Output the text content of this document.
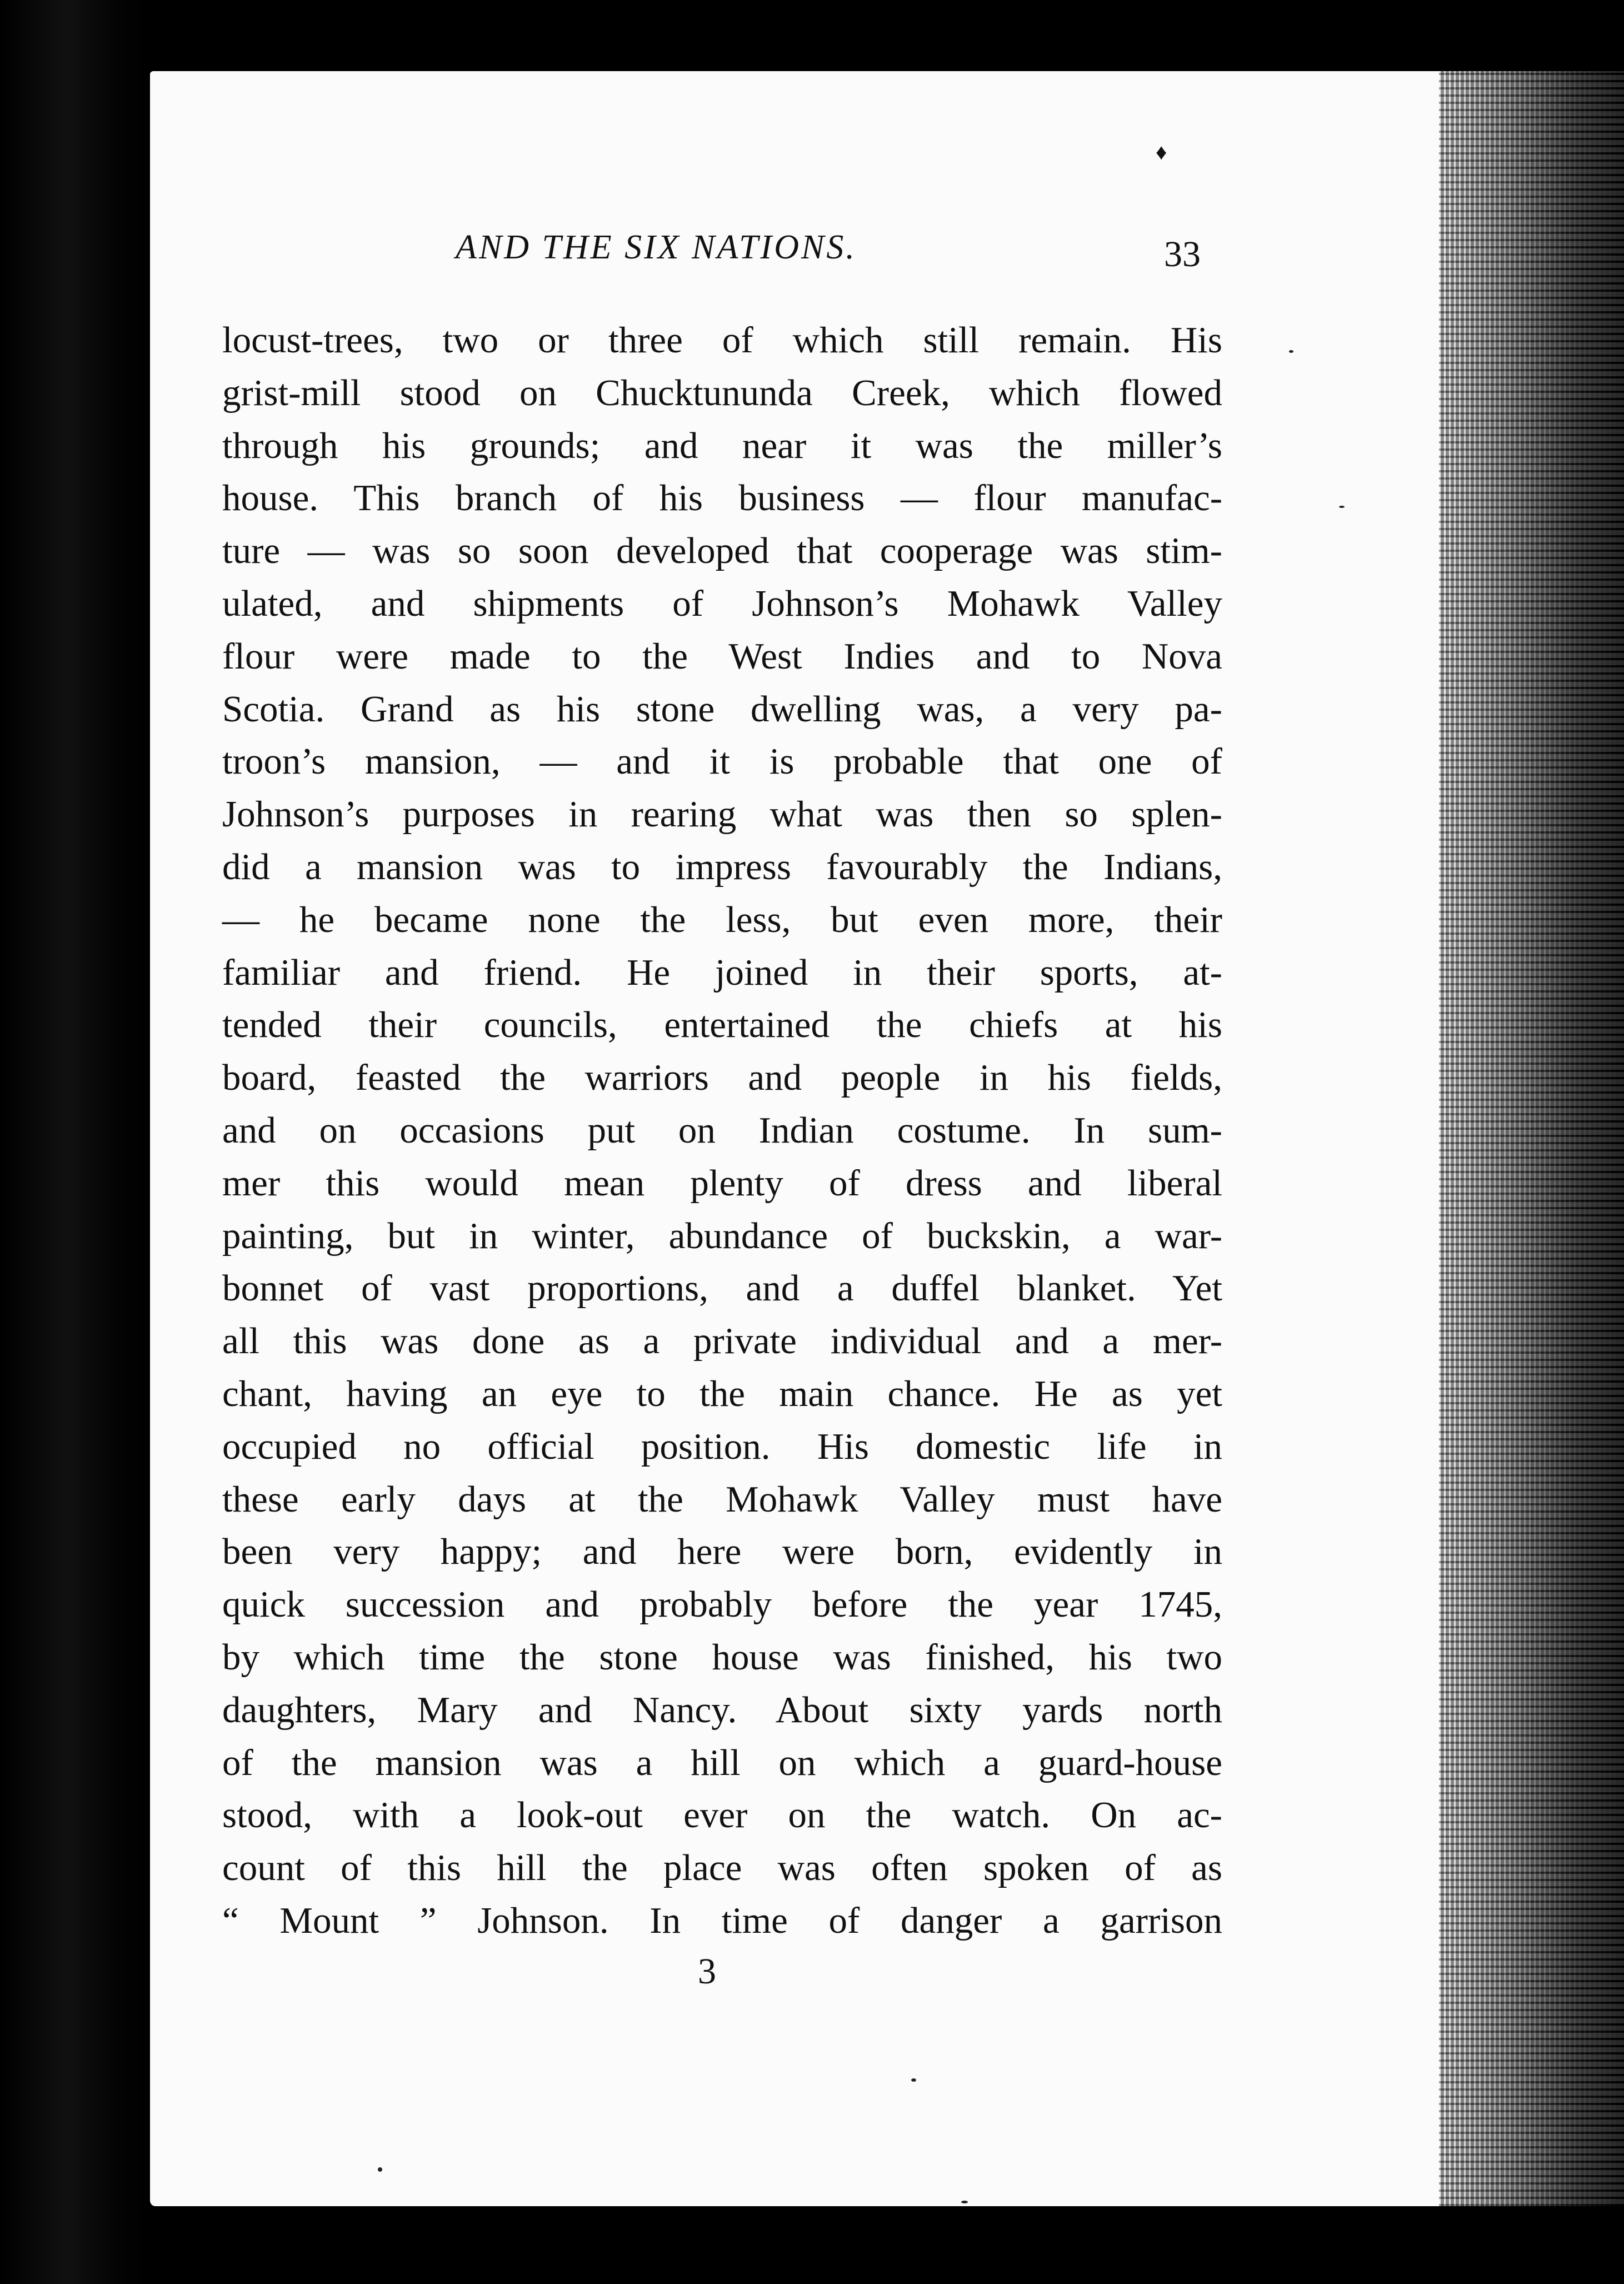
♦
AND THE SIX NATIONS.	33
locust-trees, two or three of which still remain. His
grist-mill stood on Chucktununda Creek, which flowed
through his grounds; and near it was the miller’s
house. This branch of his business — flour manufac-
ture — was so soon developed that cooperage was stim-
ulated, and shipments of Johnson’s Mohawk Valley
flour were made to the West Indies and to Nova
Scotia. Grand as his stone dwelling was, a very pa-
troon’s mansion, — and it is probable that one of
Johnson’s purposes in rearing what was then so splen-
did a mansion was to impress favourably the Indians,
— he became none the less, but even more, their
familiar and friend. He joined in their sports, at-
tended their councils, entertained the chiefs at his
board, feasted the warriors and people in his fields,
and on occasions put on Indian costume. In sum-
mer this would mean plenty of dress and liberal
painting, but in winter, abundance of buckskin, a war-
bonnet of vast proportions, and a duffel blanket. Yet
all this was done as a private individual and a mer-
chant, having an eye to the main chance. He as yet
occupied no official position. His domestic life in
these early days at the Mohawk Valley must have
been very happy; and here were born, evidently in
quick succession and probably before the year 1745,
by which time the stone house was finished, his two
daughters, Mary and Nancy. About sixty yards north
of the mansion was a hill on which a guard-house
stood, with a look-out ever on the watch. On ac-
count of this hill the place was often spoken of as
“ Mount ” Johnson. In time of danger a garrison
3
